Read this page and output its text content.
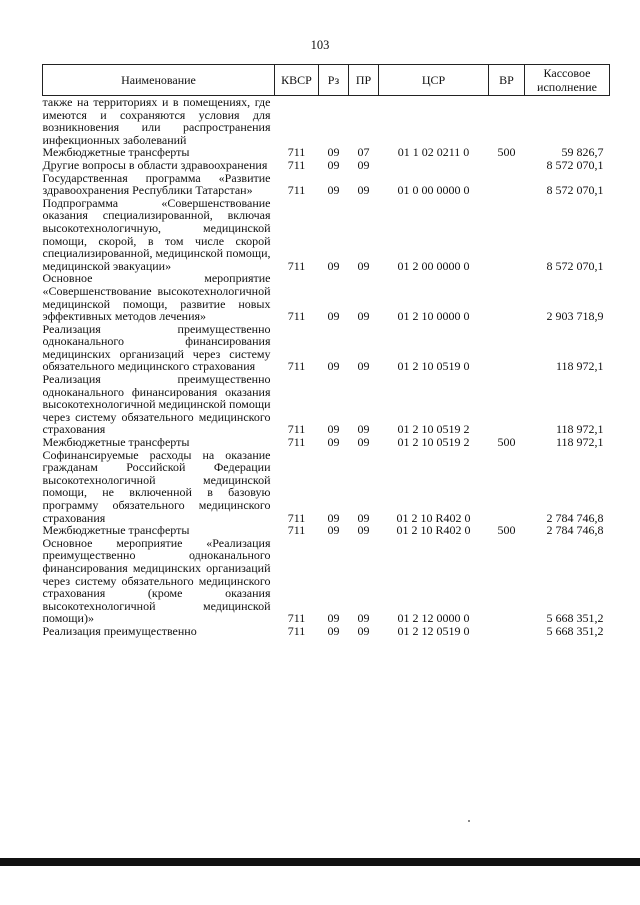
103
Наименование	КВСР	Рз	ПР	ЦСР	ВР	Кассовое исполнение
также на территориях и в помещениях, где имеются и сохраняются условия для возникновения или распространения инфекционных заболеваний						
Межбюджетные трансферты	711	09	07	01 1 02 0211 0	500	59 826,7
Другие вопросы в области здравоохранения	711	09	09			8 572 070,1
Государственная программа «Развитие здравоохранения Республики Татарстан»	711	09	09	01 0 00 0000 0		8 572 070,1
Подпрограмма «Совершенствование оказания специализированной, включая высокотехнологичную, медицинской помощи, скорой, в том числе скорой специализированной, медицинской помощи, медицинской эвакуации»	711	09	09	01 2 00 0000 0		8 572 070,1
Основное мероприятие «Совершенствование высокотехнологичной медицинской помощи, развитие новых эффективных методов лечения»	711	09	09	01 2 10 0000 0		2 903 718,9
Реализация преимущественно одноканального финансирования медицинских организаций через систему обязательного медицинского страхования	711	09	09	01 2 10 0519 0		118 972,1
Реализация преимущественно одноканального финансирования оказания высокотехнологичной медицинской помощи через систему обязательного медицинского страхования	711	09	09	01 2 10 0519 2		118 972,1
Межбюджетные трансферты	711	09	09	01 2 10 0519 2	500	118 972,1
Софинансируемые расходы на оказание гражданам Российской Федерации высокотехнологичной медицинской помощи, не включенной в базовую программу обязательного медицинского страхования	711	09	09	01 2 10 R402 0		2 784 746,8
Межбюджетные трансферты	711	09	09	01 2 10 R402 0	500	2 784 746,8
Основное мероприятие «Реализация преимущественно одноканального финансирования медицинских организаций через систему обязательного медицинского страхования (кроме оказания высокотехнологичной медицинской помощи)»	711	09	09	01 2 12 0000 0		5 668 351,2
Реализация преимущественно	711	09	09	01 2 12 0519 0		5 668 351,2
